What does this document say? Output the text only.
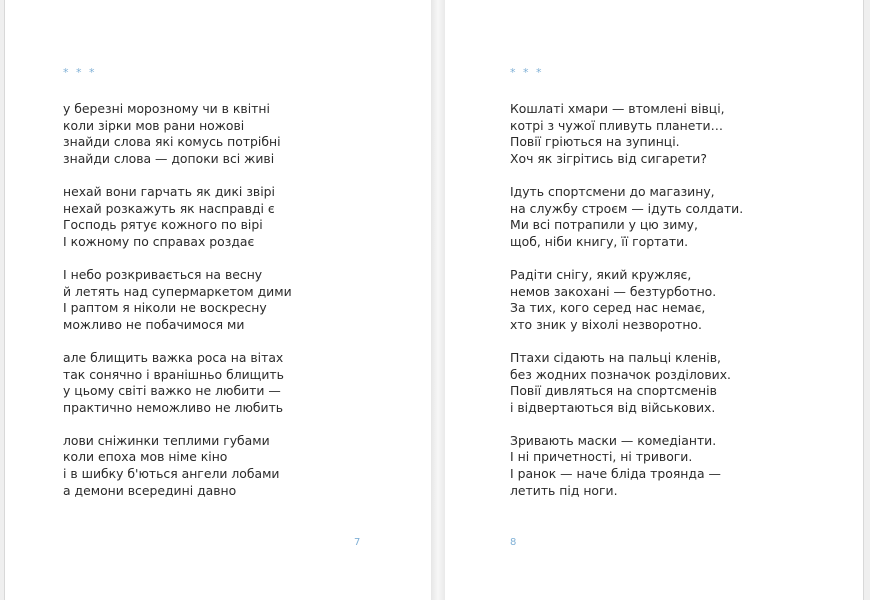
* * *
у березні морозному чи в квітні
коли зірки мов рани ножові
знайди слова які комусь потрібні
знайди слова — допоки всі живі
нехай вони гарчать як дикі звірі
нехай розкажуть як насправді є
Господь рятує кожного по вірі
І кожному по справах роздає
І небо розкривається на весну
й летять над супермаркетом дими
І раптом я ніколи не воскресну
можливо не побачимося ми
але блищить важка роса на вітах
так сонячно і вранішньо блищить
у цьому світі важко не любити —
практично неможливо не любить
лови сніжинки теплими губами
коли епоха мов німе кіно
і в шибку б'ються ангели лобами
а демони всередині давно
7
* * *
Кошлаті хмари — втомлені вівці,
котрі з чужої пливуть планети…
Повії гріються на зупинці.
Хоч як зігрітись від сигарети?
Ідуть спортсмени до магазину,
на службу строєм — ідуть солдати.
Ми всі потрапили у цю зиму,
щоб, ніби книгу, її гортати.
Радіти снігу, який кружляє,
немов закохані — безтурботно.
За тих, кого серед нас немає,
хто зник у віхолі незворотно.
Птахи сідають на пальці кленів,
без жодних позначок розділових.
Повії дивляться на спортсменів
і відвертаються від військових.
Зривають маски — комедіанти.
І ні причетності, ні тривоги.
І ранок — наче бліда троянда —
летить під ноги.
8
